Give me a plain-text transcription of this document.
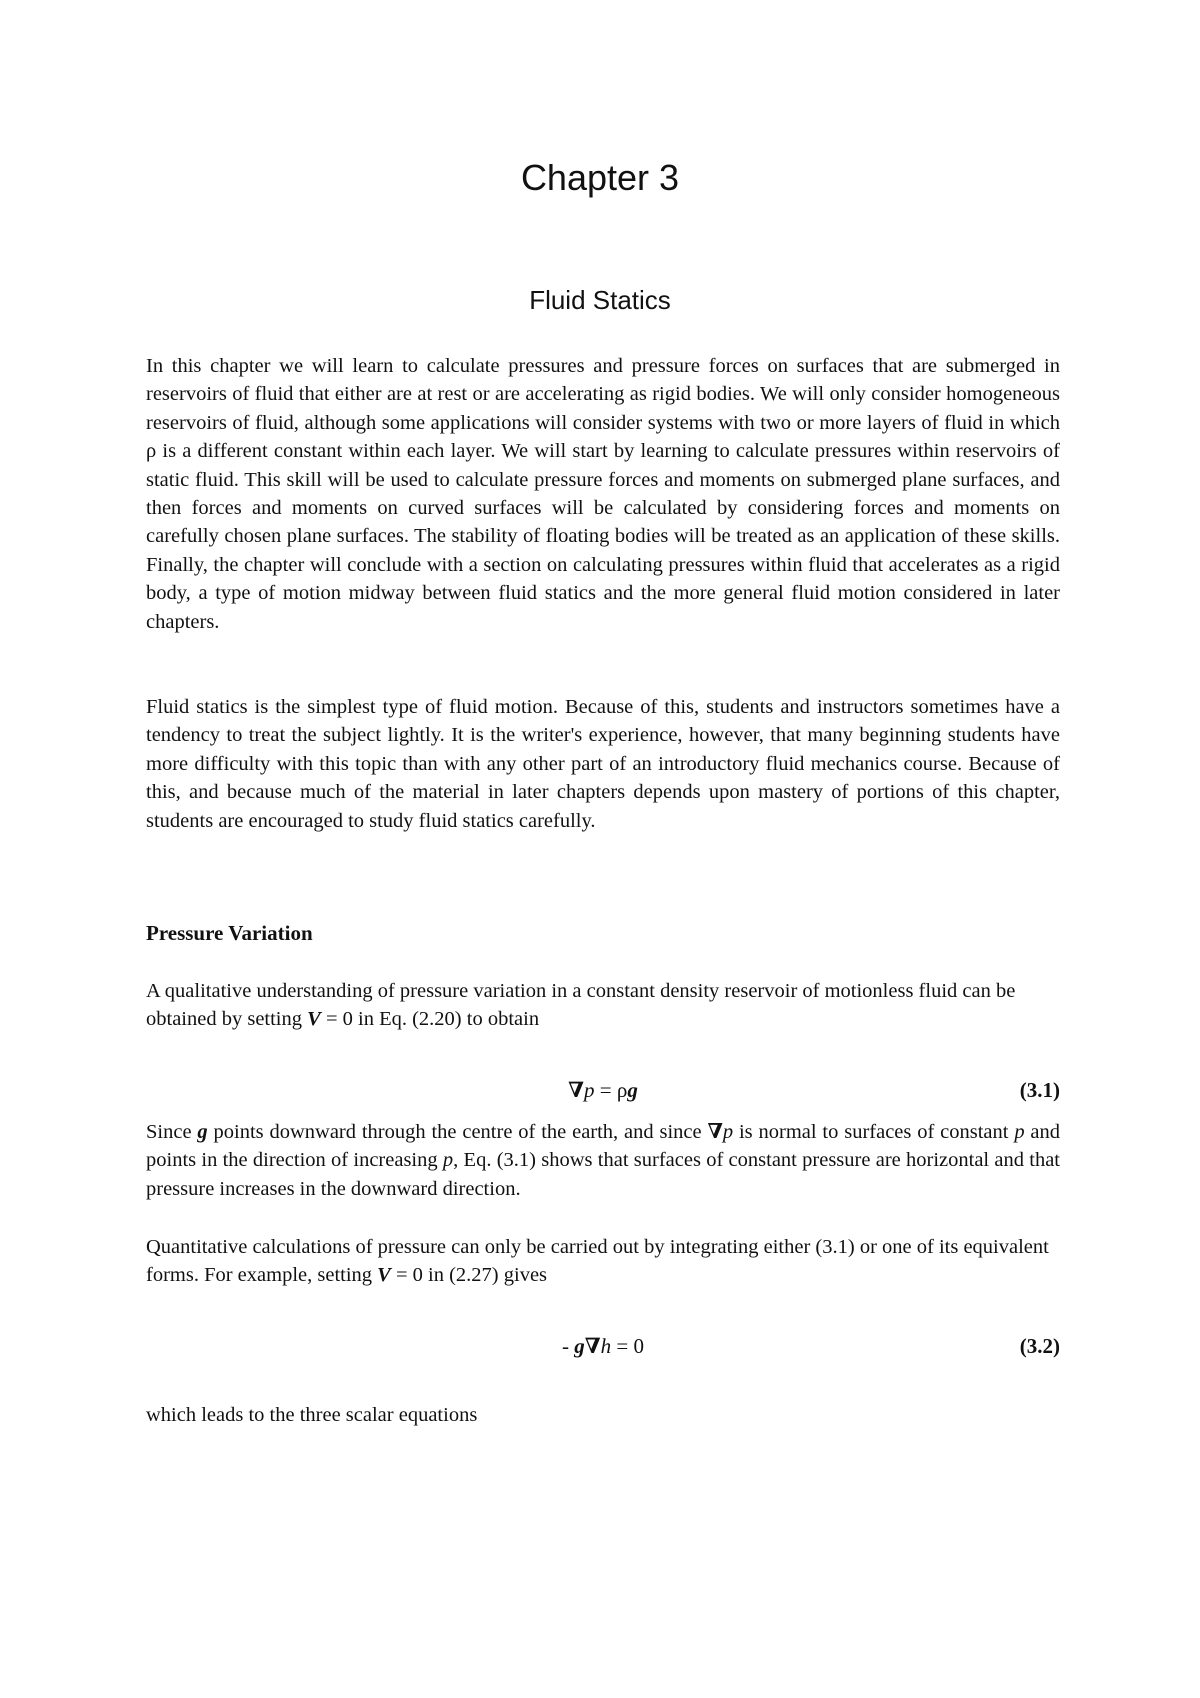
Chapter 3
Fluid Statics

In this chapter we will learn to calculate pressures and pressure forces on surfaces that are submerged in reservoirs of fluid that either are at rest or are accelerating as rigid bodies. We will only consider homogeneous reservoirs of fluid, although some applications will consider systems with two or more layers of fluid in which ρ is a different constant within each layer. We will start by learning to calculate pressures within reservoirs of static fluid. This skill will be used to calculate pressure forces and moments on submerged plane surfaces, and then forces and moments on curved surfaces will be calculated by considering forces and moments on carefully chosen plane surfaces. The stability of floating bodies will be treated as an application of these skills. Finally, the chapter will conclude with a section on calculating pressures within fluid that accelerates as a rigid body, a type of motion midway between fluid statics and the more general fluid motion considered in later chapters.

Fluid statics is the simplest type of fluid motion. Because of this, students and instructors sometimes have a tendency to treat the subject lightly. It is the writer's experience, however, that many beginning students have more difficulty with this topic than with any other part of an introductory fluid mechanics course. Because of this, and because much of the material in later chapters depends upon mastery of portions of this chapter, students are encouraged to study fluid statics carefully.

Pressure Variation

A qualitative understanding of pressure variation in a constant density reservoir of motionless fluid can be obtained by setting V = 0 in Eq. (2.20) to obtain

∇p = ρg	(3.1)

Since g points downward through the centre of the earth, and since ∇p is normal to surfaces of constant p and points in the direction of increasing p, Eq. (3.1) shows that surfaces of constant pressure are horizontal and that pressure increases in the downward direction.

Quantitative calculations of pressure can only be carried out by integrating either (3.1) or one of its equivalent forms. For example, setting V = 0 in (2.27) gives

- g∇h = 0	(3.2)

which leads to the three scalar equations
